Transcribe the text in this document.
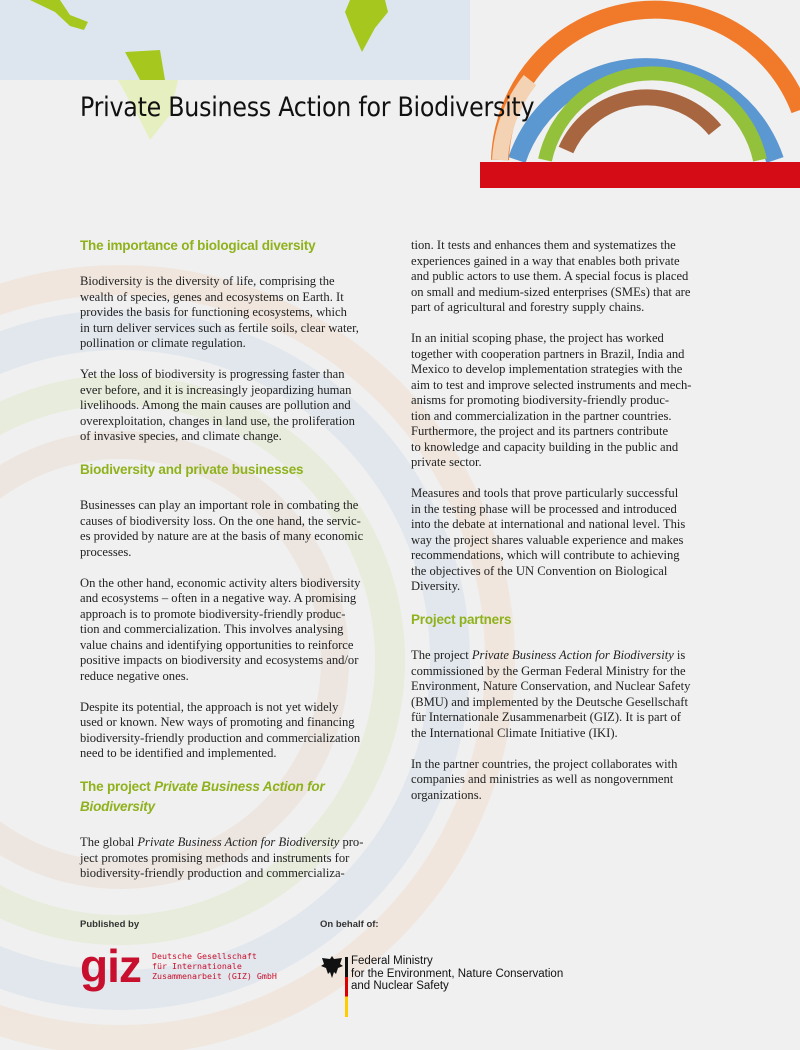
Private Business Action for Biodiversity
The importance of biological diversity

Biodiversity is the diversity of life, comprising the
wealth of species, genes and ecosystems on Earth. It
provides the basis for functioning ecosystems, which
in turn deliver services such as fertile soils, clear water,
pollination or climate regulation.

Yet the loss of biodiversity is progressing faster than
ever before, and it is increasingly jeopardizing human
livelihoods. Among the main causes are pollution and
overexploitation, changes in land use, the proliferation
of invasive species, and climate change.

Biodiversity and private businesses

Businesses can play an important role in combating the
causes of biodiversity loss. On the one hand, the servic-
es provided by nature are at the basis of many economic
processes.

On the other hand, economic activity alters biodiversity
and ecosystems – often in a negative way. A promising
approach is to promote biodiversity-friendly produc-
tion and commercialization. This involves analysing
value chains and identifying opportunities to reinforce
positive impacts on biodiversity and ecosystems and/or
reduce negative ones.

Despite its potential, the approach is not yet widely
used or known. New ways of promoting and financing
biodiversity-friendly production and commercialization
need to be identified and implemented.

The project Private Business Action for Biodiversity

The global Private Business Action for Biodiversity pro-
ject promotes promising methods and instruments for
biodiversity-friendly production and commercializa-

tion. It tests and enhances them and systematizes the
experiences gained in a way that enables both private
and public actors to use them. A special focus is placed
on small and medium-sized enterprises (SMEs) that are
part of agricultural and forestry supply chains.

In an initial scoping phase, the project has worked
together with cooperation partners in Brazil, India and
Mexico to develop implementation strategies with the
aim to test and improve selected instruments and mech-
anisms for promoting biodiversity-friendly produc-
tion and commercialization in the partner countries.
Furthermore, the project and its partners contribute
to knowledge and capacity building in the public and
private sector.

Measures and tools that prove particularly successful
in the testing phase will be processed and introduced
into the debate at international and national level. This
way the project shares valuable experience and makes
recommendations, which will contribute to achieving
the objectives of the UN Convention on Biological
Diversity.

Project partners

The project Private Business Action for Biodiversity is
commissioned by the German Federal Ministry for the
Environment, Nature Conservation, and Nuclear Safety
(BMU) and implemented by the Deutsche Gesellschaft
für Internationale Zusammenarbeit (GIZ). It is part of
the International Climate Initiative (IKI).

In the partner countries, the project collaborates with
companies and ministries as well as nongovernment
organizations.

Published by	On behalf of:
giz Deutsche Gesellschaft
für Internationale
Zusammenarbeit (GIZ) GmbH
Federal Ministry
for the Environment, Nature Conservation
and Nuclear Safety
